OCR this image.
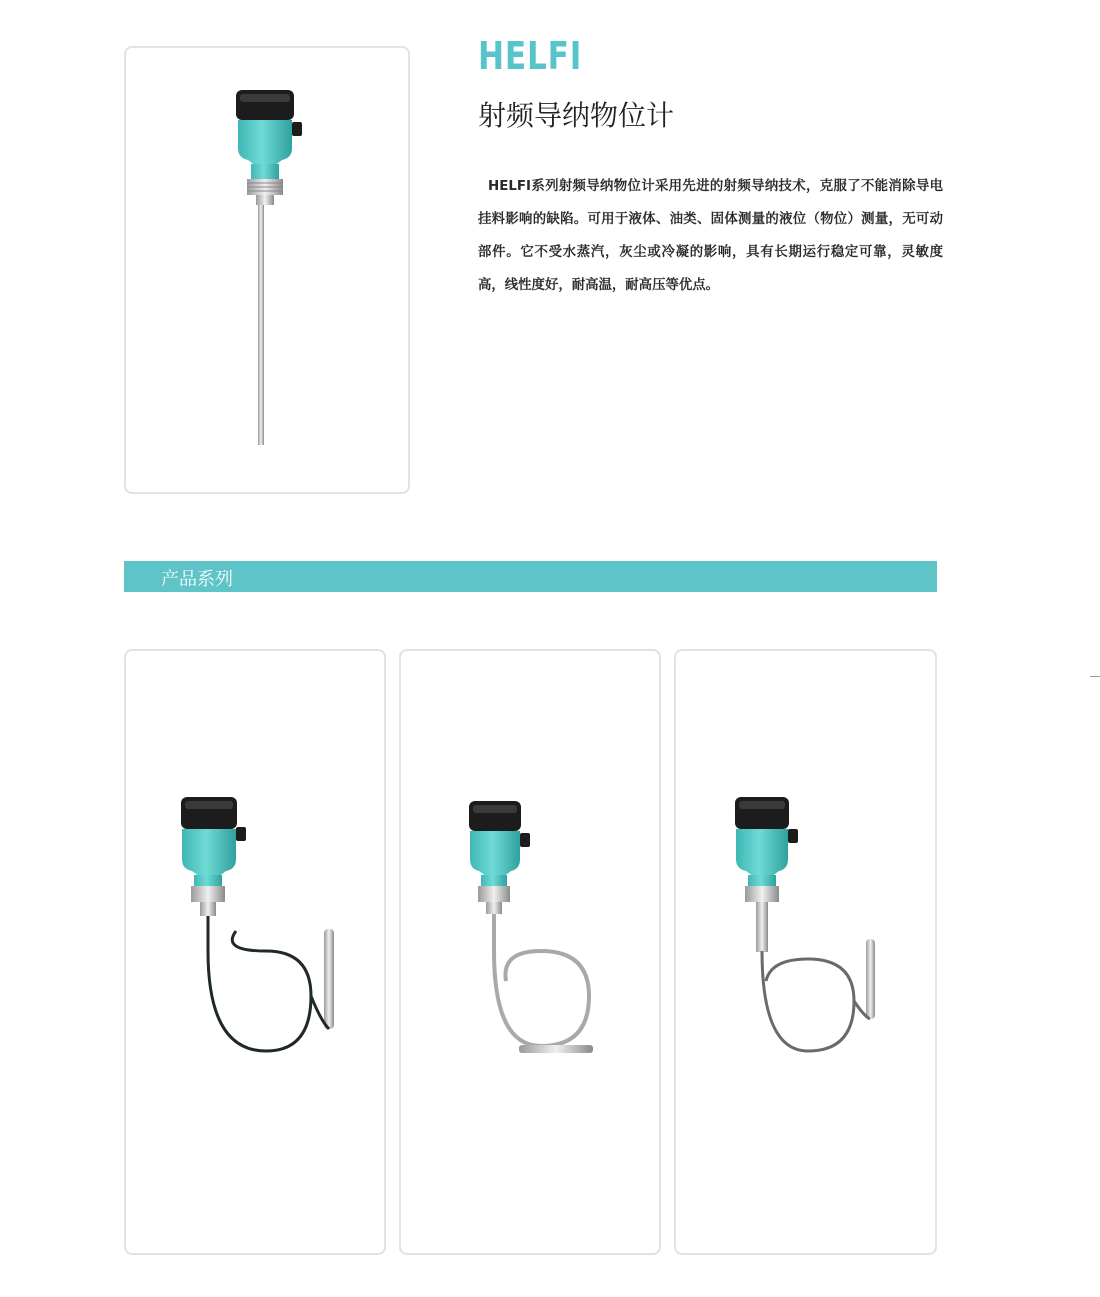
HELFI
射频导纳物位计

HELFI系列射频导纳物位计采用先进的射频导纳技术，克服了不能消除导电挂料影响的缺陷。可用于液体、油类、固体测量的液位（物位）测量，无可动部件。它不受水蒸汽，灰尘或冷凝的影响，具有长期运行稳定可靠，灵敏度高，线性度好，耐高温，耐高压等优点。

产品系列
